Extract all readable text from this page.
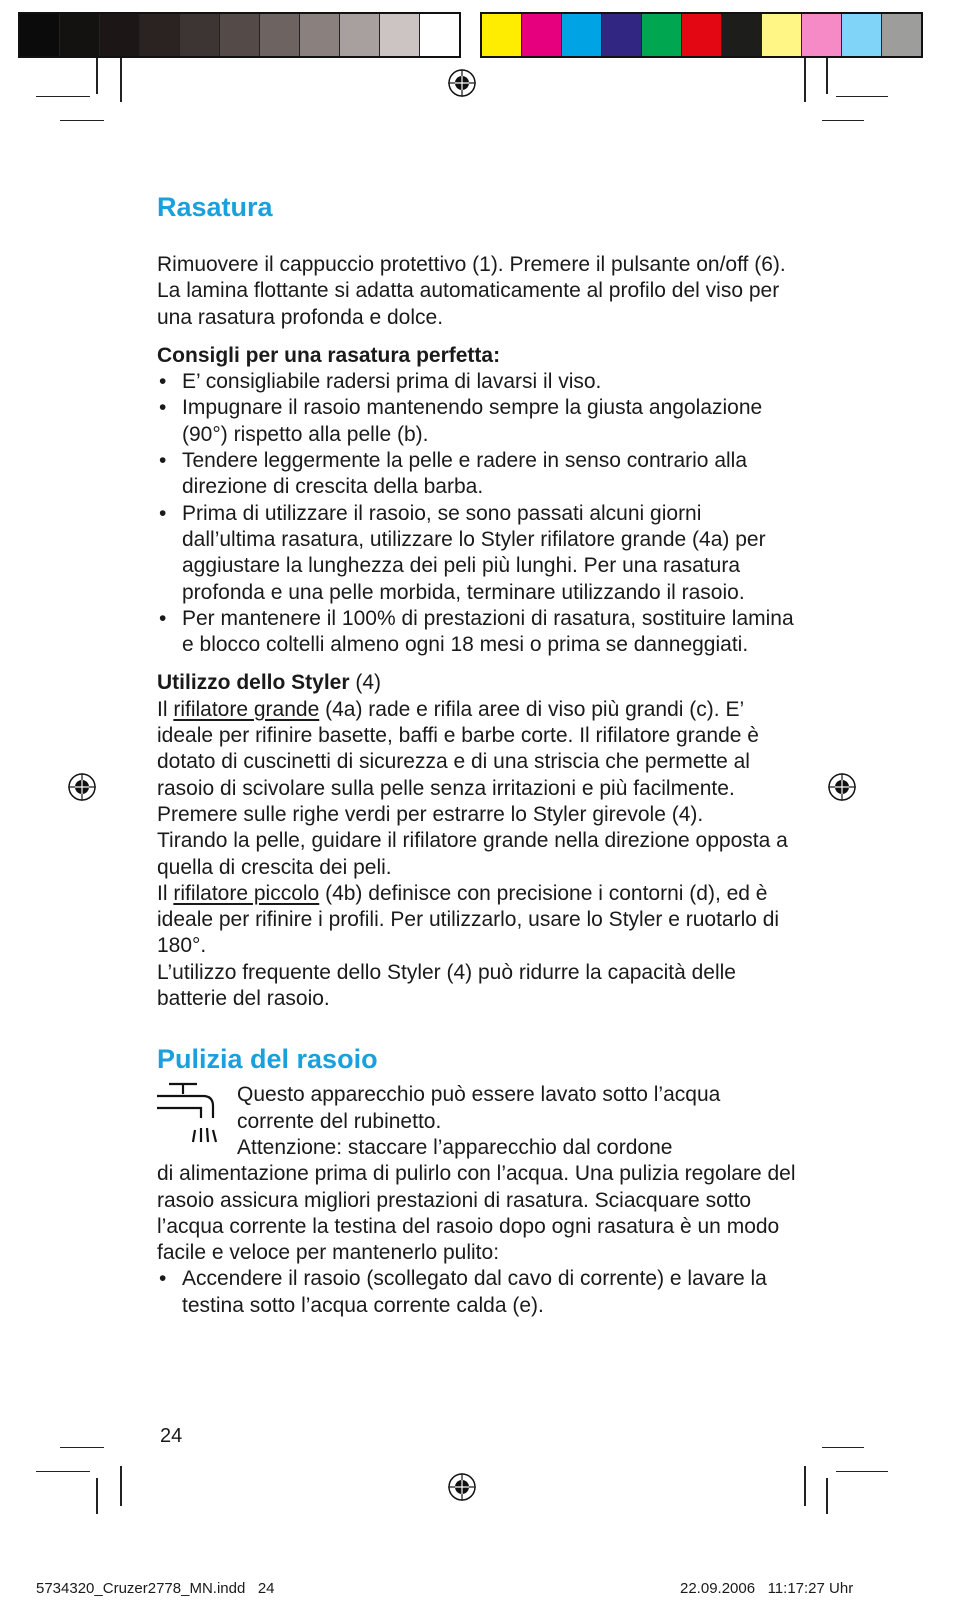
Rasatura

Rimuovere il cappuccio protettivo (1). Premere il pulsante on/off (6). La lamina flottante si adatta automaticamente al profilo del viso per una rasatura profonda e dolce.

Consigli per una rasatura perfetta:

• E’ consigliabile radersi prima di lavarsi il viso.
• Impugnare il rasoio mantenendo sempre la giusta angolazione (90°) rispetto alla pelle (b).
• Tendere leggermente la pelle e radere in senso contrario alla direzione di crescita della barba.
• Prima di utilizzare il rasoio, se sono passati alcuni giorni dall’ultima rasatura, utilizzare lo Styler rifilatore grande (4a) per aggiustare la lunghezza dei peli più lunghi. Per una rasatura profonda e una pelle morbida, terminare utilizzando il rasoio.
• Per mantenere il 100% di prestazioni di rasatura, sostituire lamina e blocco coltelli almeno ogni 18 mesi o prima se danneggiati.

Utilizzo dello Styler (4)

Il rifilatore grande (4a) rade e rifila aree di viso più grandi (c). E’ ideale per rifinire basette, baffi e barbe corte. Il rifilatore grande è dotato di cuscinetti di sicurezza e di una striscia che permette al rasoio di scivolare sulla pelle senza irritazioni e più facilmente. Premere sulle righe verdi per estrarre lo Styler girevole (4).

Tirando la pelle, guidare il rifilatore grande nella direzione opposta a quella di crescita dei peli.

Il rifilatore piccolo (4b) definisce con precisione i contorni (d), ed è ideale per rifinire i profili. Per utilizzarlo, usare lo Styler e ruotarlo di 180°.

L’utilizzo frequente dello Styler (4) può ridurre la capacità delle batterie del rasoio.

Pulizia del rasoio

Questo apparecchio può essere lavato sotto l’acqua

corrente del rubinetto.

Attenzione: staccare l’apparecchio dal cordone

di alimentazione prima di pulirlo con l’acqua. Una pulizia regolare del rasoio assicura migliori prestazioni di rasatura. Sciacquare sotto l’acqua corrente la testina del rasoio dopo ogni rasatura è un modo facile e veloce per mantenerlo pulito:

• Accendere il rasoio (scollegato dal cavo di corrente) e lavare la testina sotto l’acqua corrente calda (e).
24
5734320_Cruzer2778_MN.indd   24	22.09.2006   11:17:27 Uhr
